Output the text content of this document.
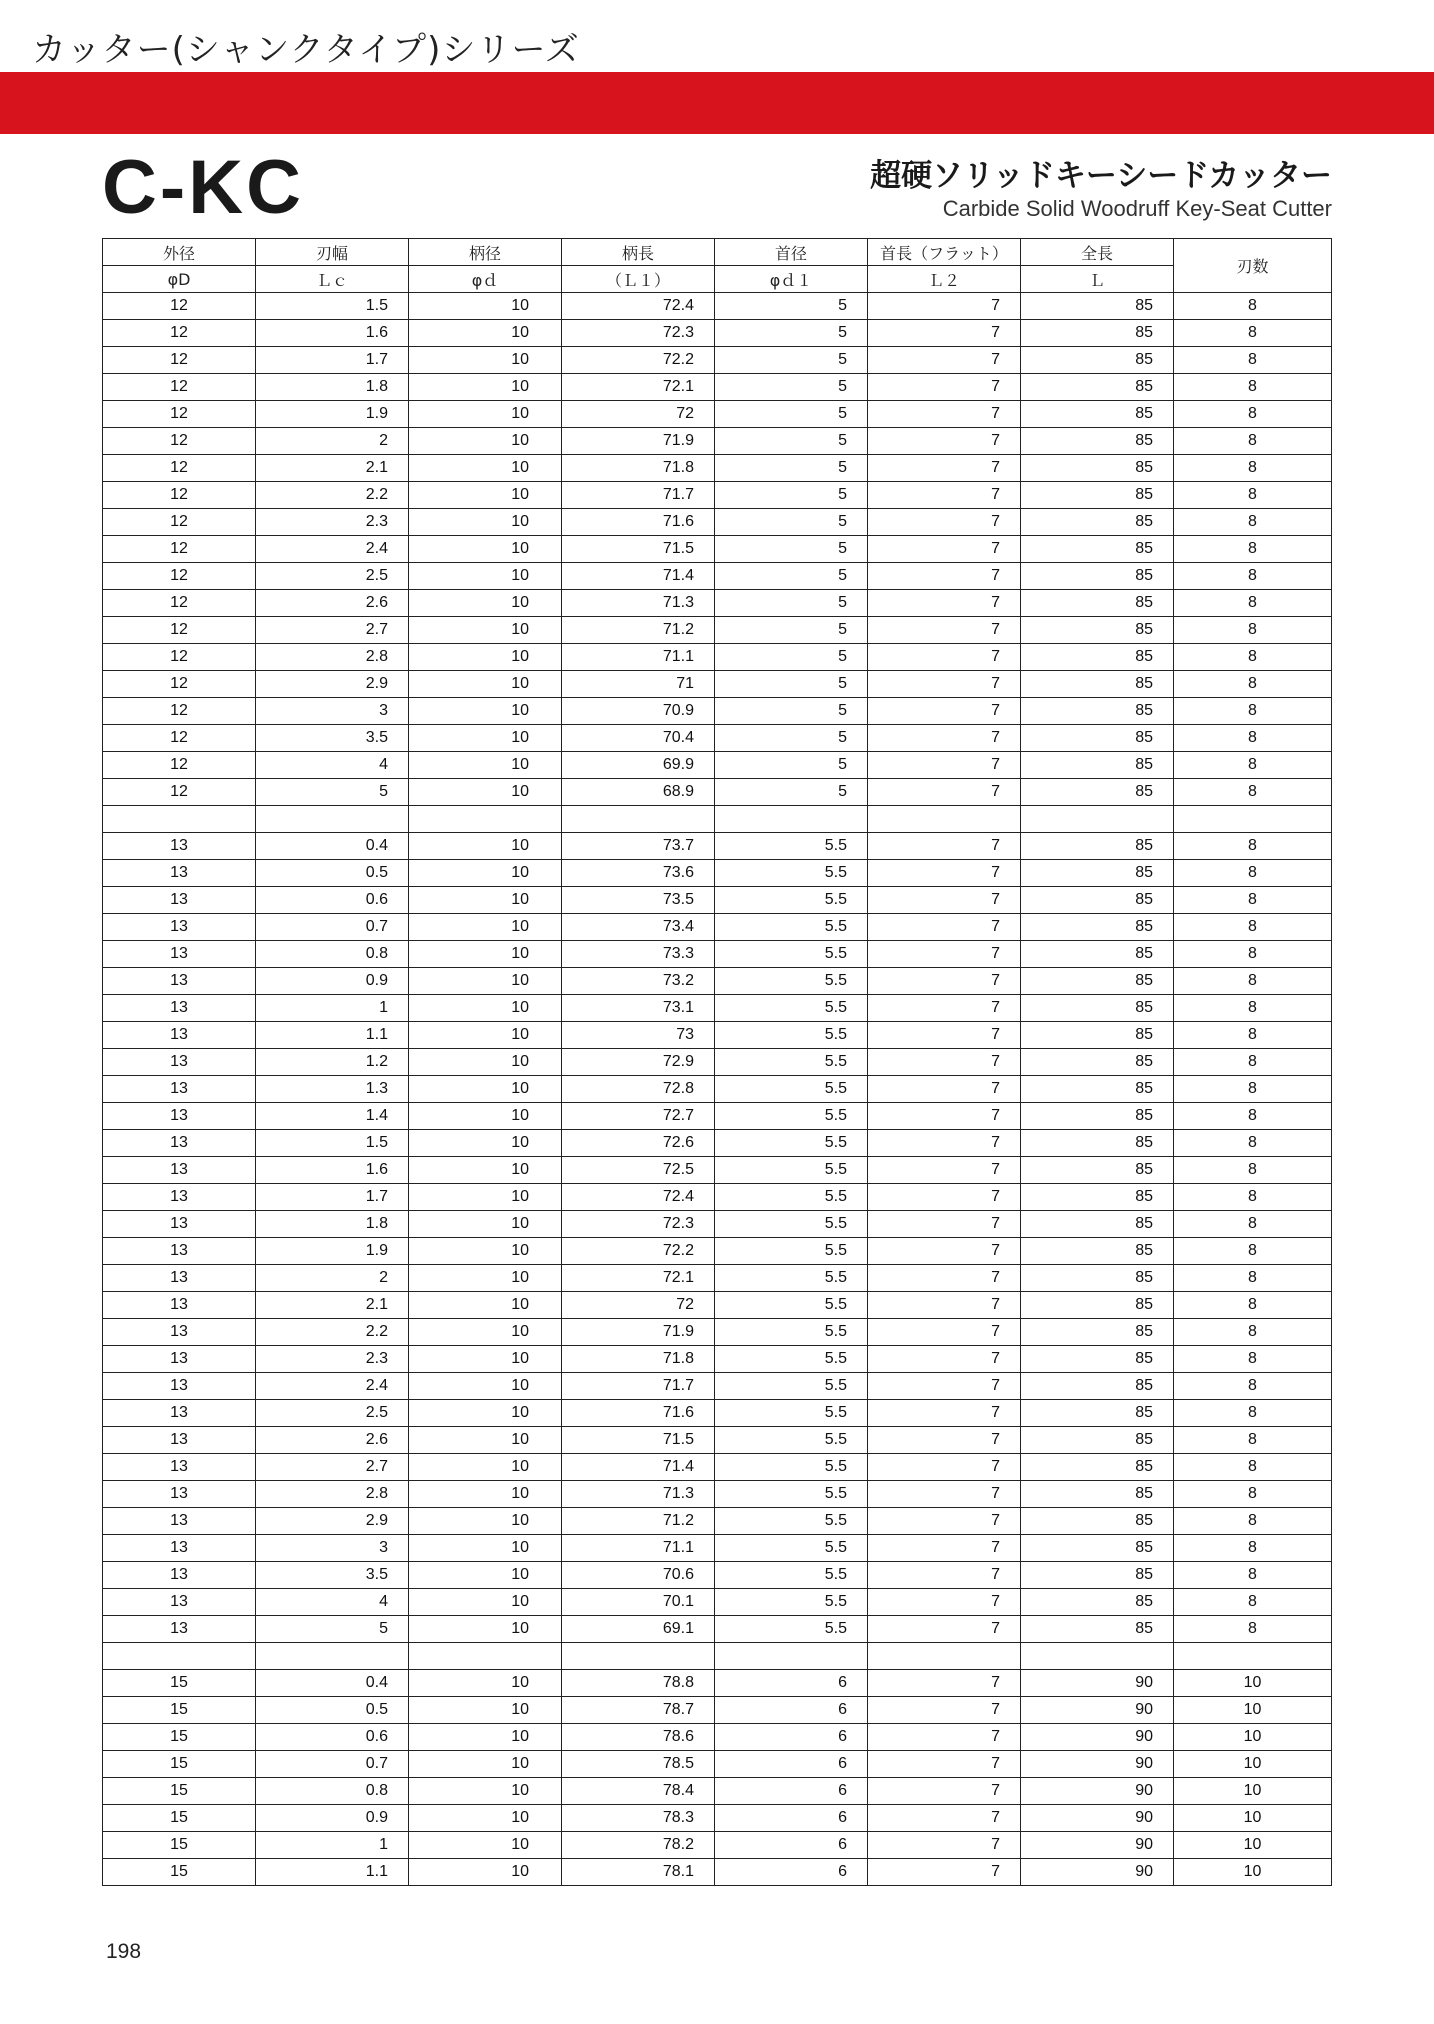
カッター(シャンクタイプ)シリーズ
C-KC	超硬ソリッドキーシードカッター
Carbide Solid Woodruff Key-Seat Cutter
外径	刃幅	柄径	柄長	首径	首長（フラット）	全長	刃数
φD	Ｌｃ	φｄ	（Ｌ１）	φｄ１	Ｌ２	Ｌ	
12	1.5	10	72.4	5	7	85	8
12	1.6	10	72.3	5	7	85	8
12	1.7	10	72.2	5	7	85	8
12	1.8	10	72.1	5	7	85	8
12	1.9	10	72	5	7	85	8
12	2	10	71.9	5	7	85	8
12	2.1	10	71.8	5	7	85	8
12	2.2	10	71.7	5	7	85	8
12	2.3	10	71.6	5	7	85	8
12	2.4	10	71.5	5	7	85	8
12	2.5	10	71.4	5	7	85	8
12	2.6	10	71.3	5	7	85	8
12	2.7	10	71.2	5	7	85	8
12	2.8	10	71.1	5	7	85	8
12	2.9	10	71	5	7	85	8
12	3	10	70.9	5	7	85	8
12	3.5	10	70.4	5	7	85	8
12	4	10	69.9	5	7	85	8
12	5	10	68.9	5	7	85	8

13	0.4	10	73.7	5.5	7	85	8
13	0.5	10	73.6	5.5	7	85	8
13	0.6	10	73.5	5.5	7	85	8
13	0.7	10	73.4	5.5	7	85	8
13	0.8	10	73.3	5.5	7	85	8
13	0.9	10	73.2	5.5	7	85	8
13	1	10	73.1	5.5	7	85	8
13	1.1	10	73	5.5	7	85	8
13	1.2	10	72.9	5.5	7	85	8
13	1.3	10	72.8	5.5	7	85	8
13	1.4	10	72.7	5.5	7	85	8
13	1.5	10	72.6	5.5	7	85	8
13	1.6	10	72.5	5.5	7	85	8
13	1.7	10	72.4	5.5	7	85	8
13	1.8	10	72.3	5.5	7	85	8
13	1.9	10	72.2	5.5	7	85	8
13	2	10	72.1	5.5	7	85	8
13	2.1	10	72	5.5	7	85	8
13	2.2	10	71.9	5.5	7	85	8
13	2.3	10	71.8	5.5	7	85	8
13	2.4	10	71.7	5.5	7	85	8
13	2.5	10	71.6	5.5	7	85	8
13	2.6	10	71.5	5.5	7	85	8
13	2.7	10	71.4	5.5	7	85	8
13	2.8	10	71.3	5.5	7	85	8
13	2.9	10	71.2	5.5	7	85	8
13	3	10	71.1	5.5	7	85	8
13	3.5	10	70.6	5.5	7	85	8
13	4	10	70.1	5.5	7	85	8
13	5	10	69.1	5.5	7	85	8

15	0.4	10	78.8	6	7	90	10
15	0.5	10	78.7	6	7	90	10
15	0.6	10	78.6	6	7	90	10
15	0.7	10	78.5	6	7	90	10
15	0.8	10	78.4	6	7	90	10
15	0.9	10	78.3	6	7	90	10
15	1	10	78.2	6	7	90	10
15	1.1	10	78.1	6	7	90	10
198
